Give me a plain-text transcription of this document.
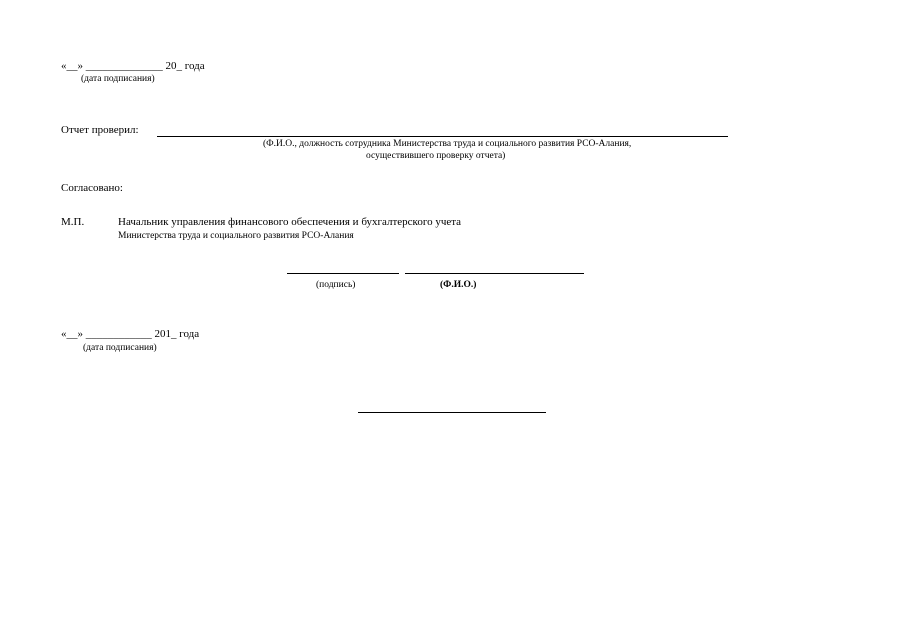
«__» ______________ 20_ года
(дата подписания)
Отчет проверил:
(Ф.И.О., должность сотрудника Министерства труда и социального развития РСО-Алания,
осуществившего проверку отчета)
Согласовано:
М.П.	Начальник управления финансового обеспечения и бухгалтерского учета
Министерства труда и социального развития РСО-Алания
(подпись)	(Ф.И.О.)
«__» ____________ 201_ года
(дата подписания)
